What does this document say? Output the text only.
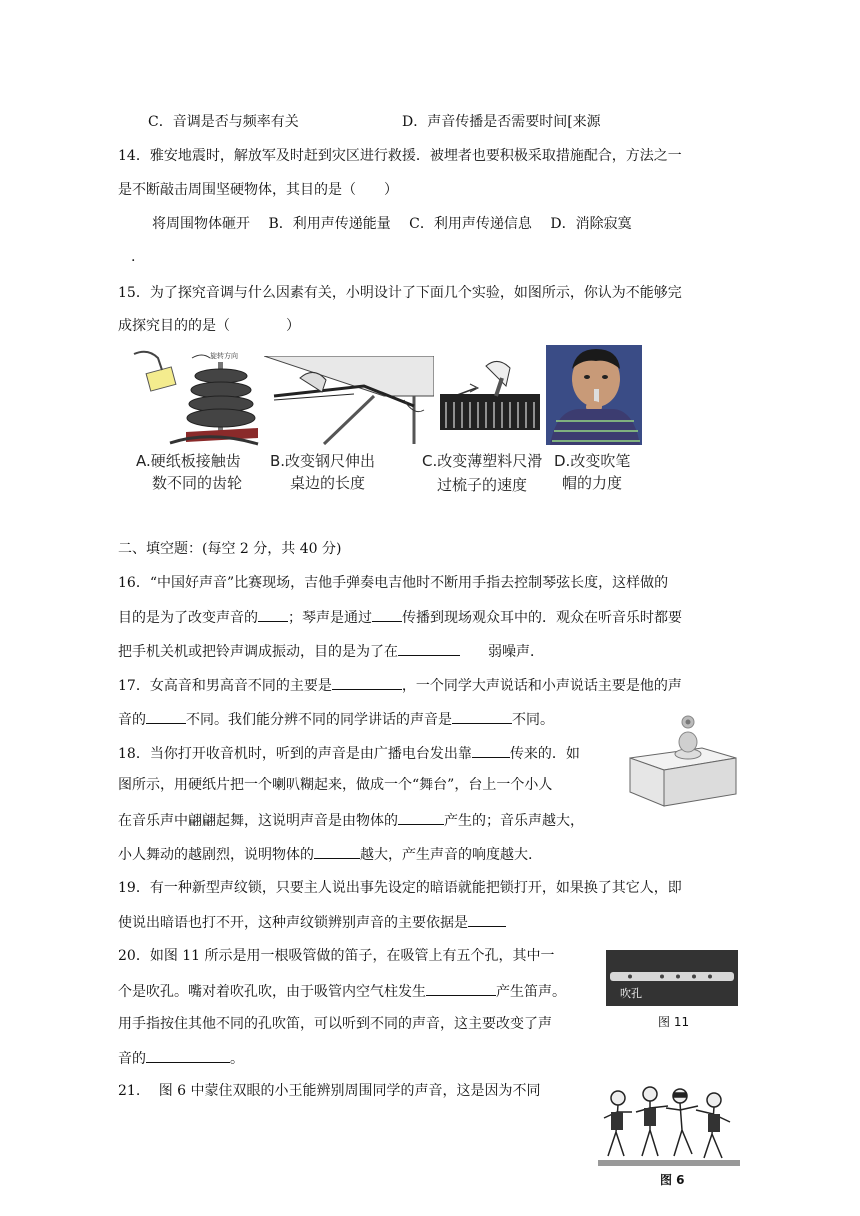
C．音调是否与频率有关	D．声音传播是否需要时间[来源
14．雅安地震时，解放军及时赶到灾区进行救援．被埋者也要积极采取措施配合，方法之一
是不断敲击周围坚硬物体，其目的是（　　）
将周围物体砸开　 B．利用声传递能量　 C．利用声传递信息　 D．消除寂寞
.
15．为了探究音调与什么因素有关，小明设计了下面几个实验，如图所示，你认为不能够完
成探究目的的是（　　　　）
旋转方向
A.硬纸板接触齿
数不同的齿轮
B.改变钢尺伸出
桌边的长度
C.改变薄塑料尺滑
过梳子的速度
D.改变吹笔
帽的力度
二、填空题：(每空 2 分，共 40 分)
16．“中国好声音”比赛现场，吉他手弹奏电吉他时不断用手指去控制琴弦长度，这样做的
目的是为了改变声音的 ；琴声是通过 传播到现场观众耳中的．观众在听音乐时都要
把手机关机或把铃声调成振动，目的是为了在	弱噪声．
17．女高音和男高音不同的主要是	，一个同学大声说话和小声说话主要是他的声
音的	不同。我们能分辨不同的同学讲话的声音是	不同。
18．当你打开收音机时，听到的声音是由广播电台发出靠	传来的．如
图所示，用硬纸片把一个喇叭糊起来，做成一个“舞台”，台上一个小人
在音乐声中翩翩起舞，这说明声音是由物体的	产生的；音乐声越大，
小人舞动的越剧烈，说明物体的	越大，产生声音的响度越大.
19．有一种新型声纹锁，只要主人说出事先设定的暗语就能把锁打开，如果换了其它人，即
使说出暗语也打不开，这种声纹锁辨别声音的主要依据是
20．如图 11 所示是用一根吸管做的笛子，在吸管上有五个孔，其中一
个是吹孔。嘴对着吹孔吹，由于吸管内空气柱发生	产生笛声。
用手指按住其他不同的孔吹笛，可以听到不同的声音，这主要改变了声
音的	。
吹孔
图 11
21.　 图 6 中蒙住双眼的小王能辨别周围同学的声音，这是因为不同
图 6
